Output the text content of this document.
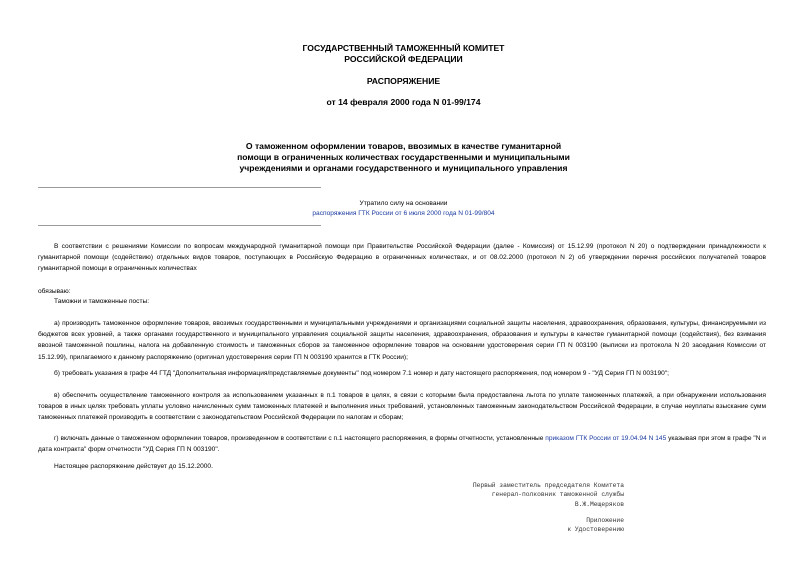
ГОСУДАРСТВЕННЫЙ ТАМОЖЕННЫЙ КОМИТЕТ
РОССИЙСКОЙ ФЕДЕРАЦИИ
РАСПОРЯЖЕНИЕ
от 14 февраля 2000 года N 01-99/174
О таможенном оформлении товаров, ввозимых в качестве гуманитарной
помощи в ограниченных количествах государственными и муниципальными
учреждениями и органами государственного и муниципального управления
Утратило силу на основании
распоряжения ГТК России от 6 июля 2000 года N 01-99/804
В соответствии с решениями Комиссии по вопросам международной гуманитарной помощи при Правительстве Российской Федерации (далее - Комиссия) от 15.12.99 (протокол N 20) о подтверждении принадлежности к гуманитарной помощи (содействию) отдельных видов товаров, поступающих в Российскую Федерацию в ограниченных количествах, и от 08.02.2000 (протокол N 2) об утверждении перечня российских получателей товаров гуманитарной помощи в ограниченных количествах
обязываю:
Таможни и таможенные посты:
а) производить таможенное оформление товаров, ввозимых государственными и муниципальными учреждениями и организациями социальной защиты населения, здравоохранения, образования, культуры, финансируемыми из бюджетов всех уровней, а также органами государственного и муниципального управления социальной защиты населения, здравоохранения, образования и культуры в качестве гуманитарной помощи (содействия), без взимания ввозной таможенной пошлины, налога на добавленную стоимость и таможенных сборов за таможенное оформление товаров на основании удостоверения серии ГП N 003190 (выписки из протокола N 20 заседания Комиссии от 15.12.99), прилагаемого к данному распоряжению (оригинал удостоверения серии ГП N 003190 хранится в ГТК России);
б) требовать указания в графе 44 ГТД "Дополнительная информация/представляемые документы" под номером 7.1 номер и дату настоящего распоряжения, под номером 9 - "УД Серия ГП N 003190";
в) обеспечить осуществление таможенного контроля за использованием указанных в п.1 товаров в целях, в связи с которыми была предоставлена льгота по уплате таможенных платежей, а при обнаружении использования товаров в иных целях требовать уплаты условно начисленных сумм таможенных платежей и выполнения иных требований, установленных таможенным законодательством Российской Федерации, в случае неуплаты взыскание сумм таможенных платежей производить в соответствии с законодательством Российской Федерации по налогам и сборам;
г) включать данные о таможенном оформлении товаров, произведенном в соответствии с п.1 настоящего распоряжения, в формы отчетности, установленные приказом ГТК России от 19.04.94 N 145 указывая при этом в графе "N и дата контракта" форм отчетности "УД Серия ГП N 003190".
Настоящее распоряжение действует до 15.12.2000.
Первый заместитель председателя Комитета
генерал-полковник таможенной службы
В.Ж.Мещеряков
Приложение
к Удостоверению
